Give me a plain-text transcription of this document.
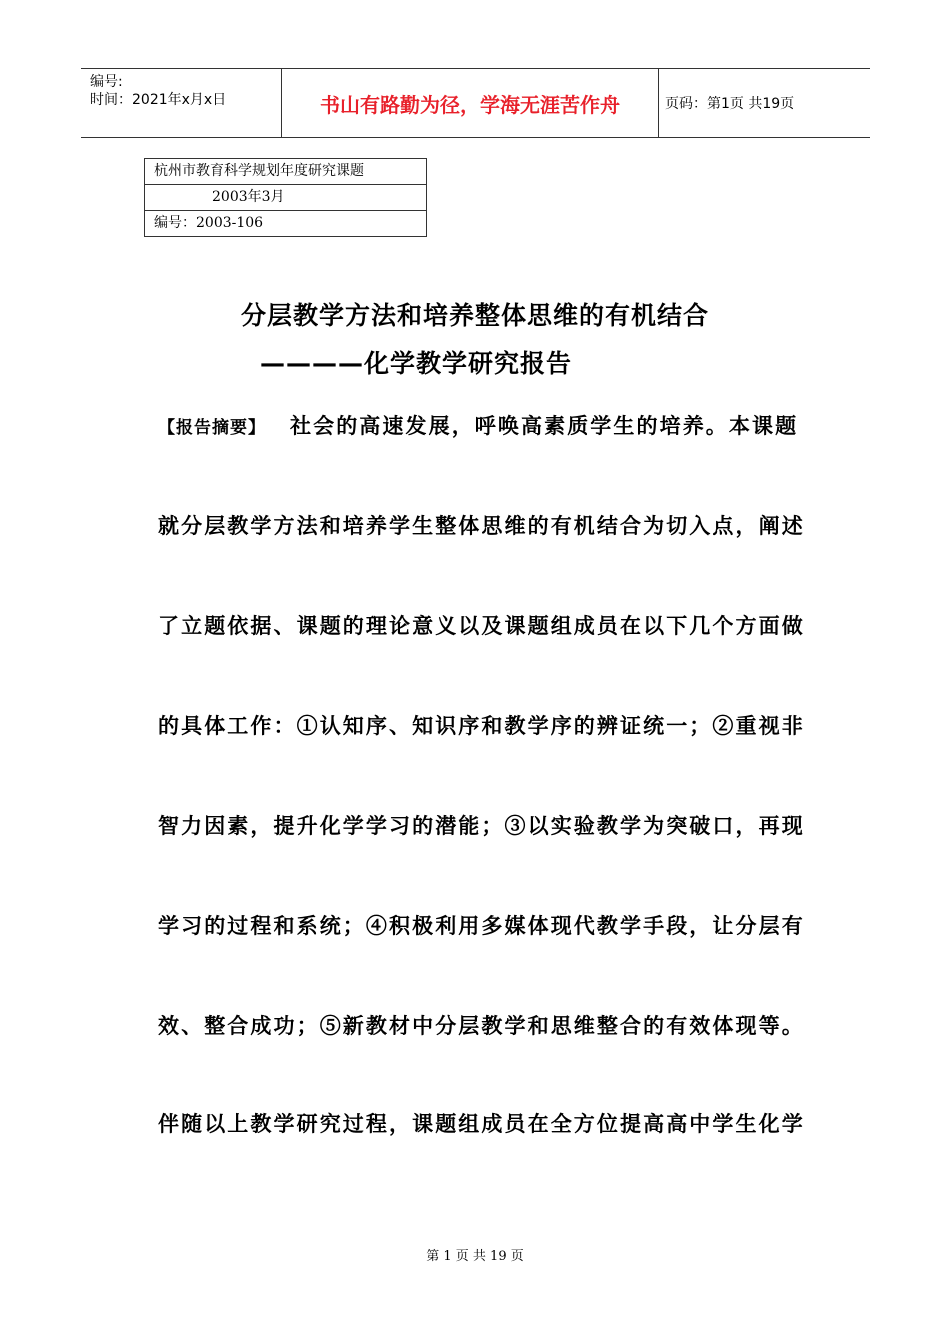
编号:
时间：2021年x月x日	书山有路勤为径，学海无涯苦作舟	页码：第1页 共19页
杭州市教育科学规划年度研究课题
2003年3月
编号：2003-106
分层教学方法和培养整体思维的有机结合
————化学教学研究报告
【报告摘要】 社会的高速发展，呼唤高素质学生的培养。本课题
就分层教学方法和培养学生整体思维的有机结合为切入点，阐述
了立题依据、课题的理论意义以及课题组成员在以下几个方面做
的具体工作：①认知序、知识序和教学序的辨证统一；②重视非
智力因素，提升化学学习的潜能；③以实验教学为突破口，再现
学习的过程和系统；④积极利用多媒体现代教学手段，让分层有
效、整合成功；⑤新教材中分层教学和思维整合的有效体现等。
伴随以上教学研究过程，课题组成员在全方位提高高中学生化学
第 1 页 共 19 页
